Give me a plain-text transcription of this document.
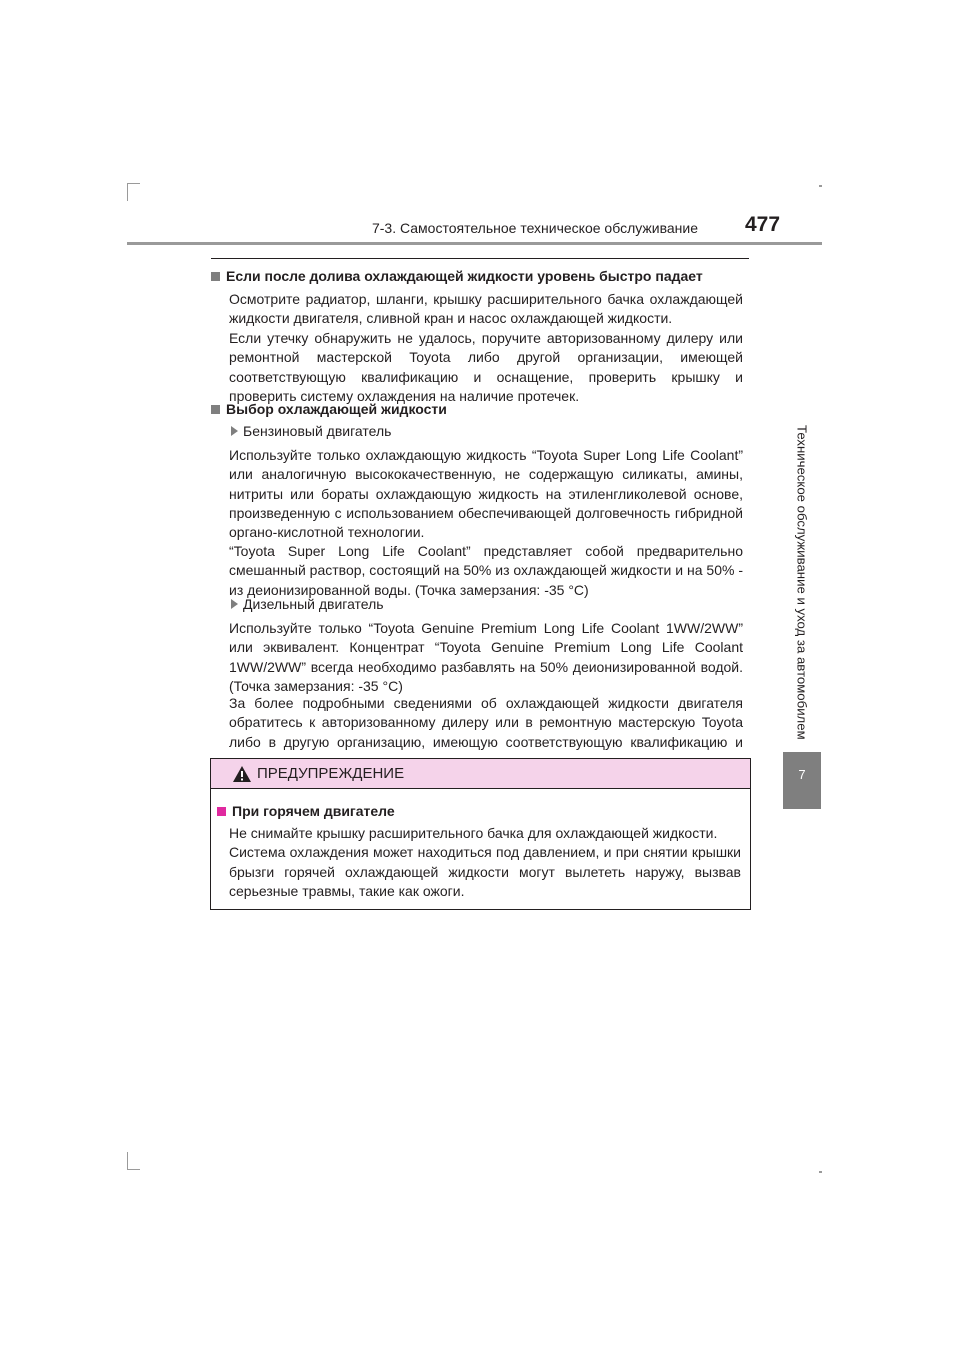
7-3. Самостоятельное техническое обслуживание 477
Техническое обслуживание и уход за автомобилем
7
Если после долива охлаждающей жидкости уровень быстро падает
Осмотрите радиатор, шланги, крышку расширительного бачка охлаждающей жидкости двигателя, сливной кран и насос охлаждающей жидкости.
Если утечку обнаружить не удалось, поручите авторизованному дилеру или ремонтной мастерской Toyota либо другой организации, имеющей соответствующую квалификацию и оснащение, проверить крышку и проверить систему охлаждения на наличие протечек.
Выбор охлаждающей жидкости
Бензиновый двигатель
Используйте только охлаждающую жидкость “Toyota Super Long Life Coolant” или аналогичную высококачественную, не содержащую силикаты, амины, нитриты или бораты охлаждающую жидкость на этиленгликолевой основе, произведенную с использованием обеспечивающей долговечность гибридной органо-кислотной технологии.
“Toyota Super Long Life Coolant” представляет собой предварительно смешанный раствор, состоящий на 50% из охлаждающей жидкости и на 50% - из деионизированной воды. (Точка замерзания: -35 °C)
Дизельный двигатель
Используйте только “Toyota Genuine Premium Long Life Coolant 1WW/2WW” или эквивалент. Концентрат “Toyota Genuine Premium Long Life Coolant 1WW/2WW” всегда необходимо разбавлять на 50% деионизированной водой. (Точка замерзания: -35 °C)
За более подробными сведениями об охлаждающей жидкости двигателя обратитесь к авторизованному дилеру или в ремонтную мастерскую Toyota либо в другую организацию, имеющую соответствующую квалификацию и
ПРЕДУПРЕЖДЕНИЕ
При горячем двигателе
Не снимайте крышку расширительного бачка для охлаждающей жидкости.
Система охлаждения может находиться под давлением, и при снятии крышки брызги горячей охлаждающей жидкости могут вылететь наружу, вызвав серьезные травмы, такие как ожоги.
